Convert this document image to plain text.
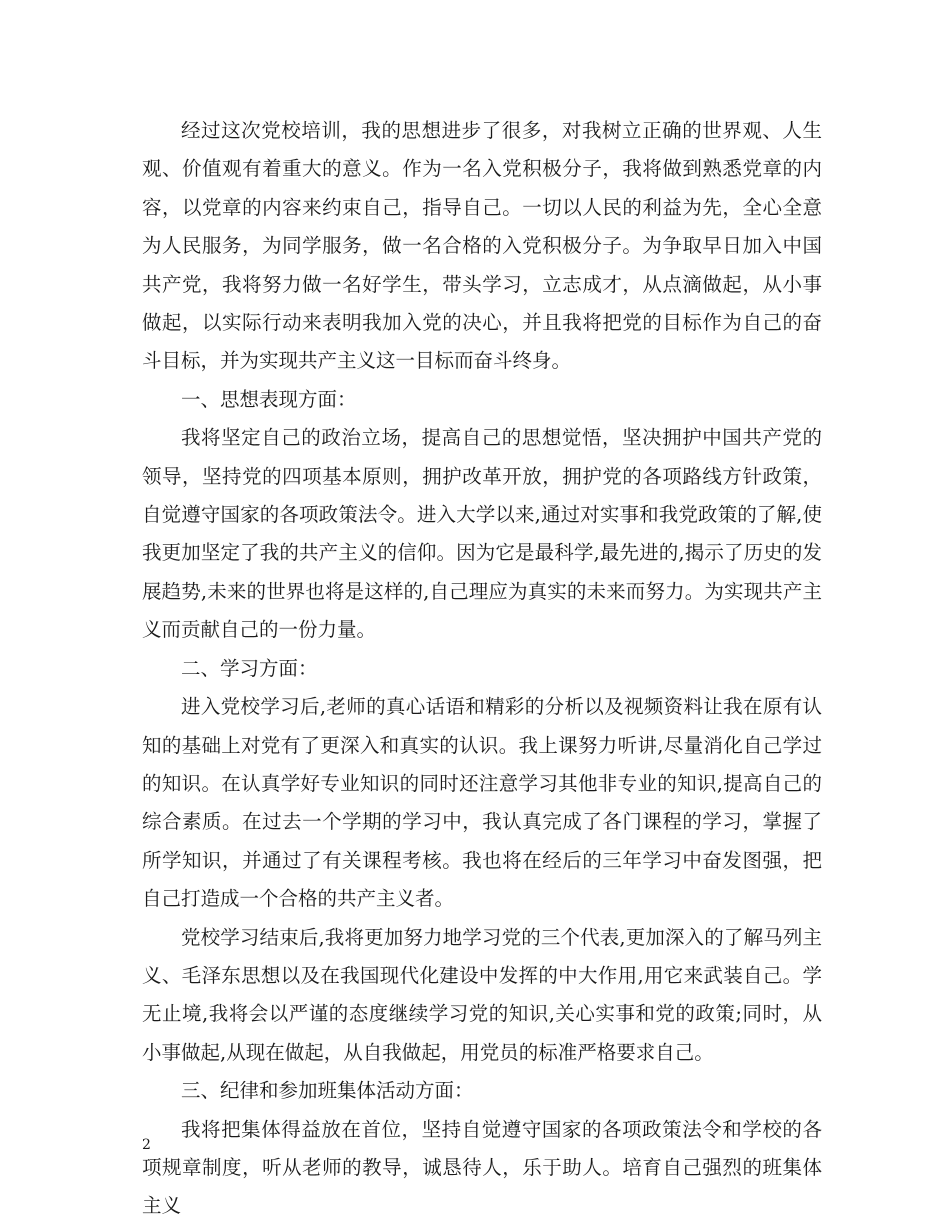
经过这次党校培训，我的思想进步了很多，对我树立正确的世界观、人生观、价值观有着重大的意义。作为一名入党积极分子，我将做到熟悉党章的内容，以党章的内容来约束自己，指导自己。一切以人民的利益为先，全心全意为人民服务，为同学服务，做一名合格的入党积极分子。为争取早日加入中国共产党，我将努力做一名好学生，带头学习，立志成才，从点滴做起，从小事做起，以实际行动来表明我加入党的决心，并且我将把党的目标作为自己的奋斗目标，并为实现共产主义这一目标而奋斗终身。

一、思想表现方面：

我将坚定自己的政治立场，提高自己的思想觉悟，坚决拥护中国共产党的领导，坚持党的四项基本原则，拥护改革开放，拥护党的各项路线方针政策，自觉遵守国家的各项政策法令。进入大学以来,通过对实事和我党政策的了解,使我更加坚定了我的共产主义的信仰。因为它是最科学,最先进的,揭示了历史的发展趋势,未来的世界也将是这样的,自己理应为真实的未来而努力。为实现共产主义而贡献自己的一份力量。

二、学习方面：

进入党校学习后,老师的真心话语和精彩的分析以及视频资料让我在原有认知的基础上对党有了更深入和真实的认识。我上课努力听讲,尽量消化自己学过的知识。在认真学好专业知识的同时还注意学习其他非专业的知识,提高自己的综合素质。在过去一个学期的学习中，我认真完成了各门课程的学习，掌握了所学知识，并通过了有关课程考核。我也将在经后的三年学习中奋发图强，把自己打造成一个合格的共产主义者。

党校学习结束后,我将更加努力地学习党的三个代表,更加深入的了解马列主义、毛泽东思想以及在我国现代化建设中发挥的中大作用,用它来武装自己。学无止境,我将会以严谨的态度继续学习党的知识,关心实事和党的政策;同时，从小事做起,从现在做起，从自我做起，用党员的标准严格要求自己。

三、纪律和参加班集体活动方面：

我将把集体得益放在首位，坚持自觉遵守国家的各项政策法令和学校的各项规章制度，听从老师的教导，诚恳待人，乐于助人。培育自己强烈的班集体主义

2
